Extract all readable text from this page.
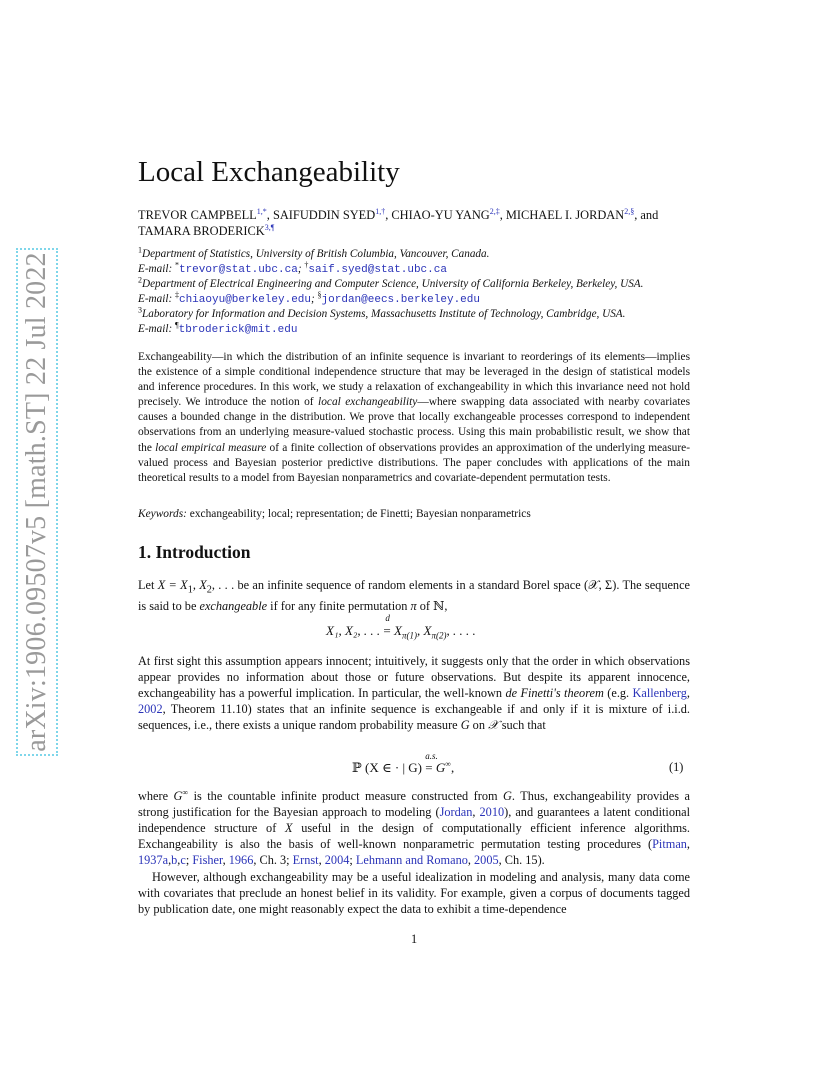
arXiv:1906.09507v5 [math.ST] 22 Jul 2022
Local Exchangeability
TREVOR $CAMPBELL^{1,*}$, SAIFUDDIN $SYED^{1,\dagger}$, CHIAO-YU $YANG^{2,\ddagger}$, MICHAEL I. $JORDAN^{2,\S}$, and TAMARA $BRODERICK^{3,\P}$
$^1$Department of Statistics, University of British Columbia, Vancouver, Canada.
E-mail: *trevor@stat.ubc.ca; †saif.syed@stat.ubc.ca
$^2$Department of Electrical Engineering and Computer Science, University of California Berkeley, Berkeley, USA.
E-mail: ‡chiaoyu@berkeley.edu; §jordan@eecs.berkeley.edu
$^3$Laboratory for Information and Decision Systems, Massachusetts Institute of Technology, Cambridge, USA.
E-mail: ¶tbroderick@mit.edu
Exchangeability—in which the distribution of an infinite sequence is invariant to reorderings of its elements—implies the existence of a simple conditional independence structure that may be leveraged in the design of statistical models and inference procedures. In this work, we study a relaxation of exchangeability in which this invariance need not hold precisely. We introduce the notion of local exchangeability—where swapping data associated with nearby covariates causes a bounded change in the distribution. We prove that locally exchangeable processes correspond to independent observations from an underlying measure-valued stochastic process. Using this main probabilistic result, we show that the local empirical measure of a finite collection of observations provides an approximation of the underlying measure-valued process and Bayesian posterior predictive distributions. The paper concludes with applications of the main theoretical results to a model from Bayesian nonparametrics and covariate-dependent permutation tests.
Keywords: exchangeability; local; representation; de Finetti; Bayesian nonparametrics
1. Introduction
Let $X = X_1$, $X_2$, . . . be an infinite sequence of random elements in a standard Borel space (𝒳, Σ). The sequence is said to be exchangeable if for any finite permutation π of ℕ,
X₁, X₂, . . .
d
= $X_{\pi(1)}$, $X_{\pi(2)}$, . . . .
At first sight this assumption appears innocent; intuitively, it suggests only that the order in which observations appear provides no information about those or future observations. But despite its apparent innocence, exchangeability has a powerful implication. In particular, the well-known de Finetti's theorem (e.g. Kallenberg, 2002, Theorem 11.10) states that an infinite sequence is exchangeable if and only if it is mixture of i.i.d. sequences, i.e., there exists a unique random probability measure G on 𝒳 such that
ℙ (X ∈ · | G)
a.s.
= G∞,	(1)
where G∞ is the countable infinite product measure constructed from G. Thus, exchangeability provides a strong justification for the Bayesian approach to modeling (Jordan, 2010), and guarantees a latent conditional independence structure of X useful in the design of computationally efficient inference algorithms. Exchangeability is also the basis of well-known nonparametric permutation testing procedures (Pitman, 1937a,b,c; Fisher, 1966, Ch. 3; Ernst, 2004; Lehmann and Romano, 2005, Ch. 15).
However, although exchangeability may be a useful idealization in modeling and analysis, many data come with covariates that preclude an honest belief in its validity. For example, given a corpus of documents tagged by publication date, one might reasonably expect the data to exhibit a time-dependence
1
